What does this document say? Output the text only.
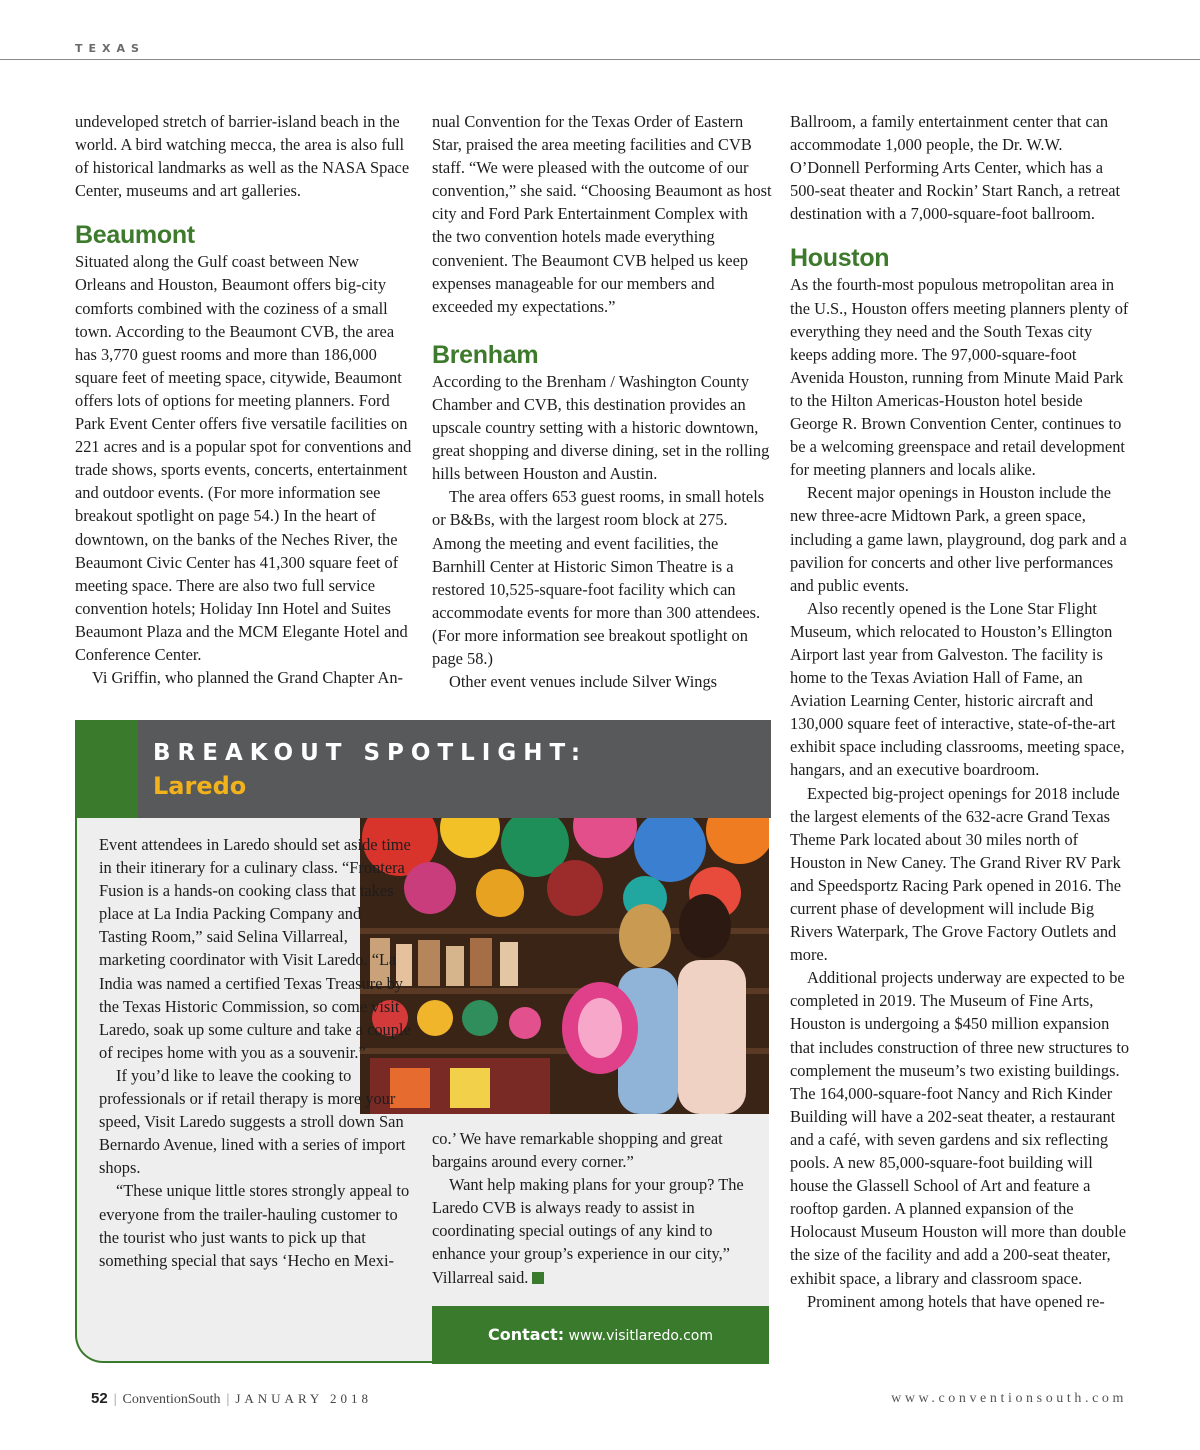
TEXAS

undeveloped stretch of barrier-island beach in the world. A bird watching mecca, the area is also full of historical landmarks as well as the NASA Space Center, museums and art galleries.

Beaumont

Situated along the Gulf coast between New Orleans and Houston, Beaumont offers big-city comforts combined with the coziness of a small town. According to the Beaumont CVB, the area has 3,770 guest rooms and more than 186,000 square feet of meeting space, citywide, Beaumont offers lots of options for meeting planners. Ford Park Event Center offers five versatile facilities on 221 acres and is a popular spot for conventions and trade shows, sports events, concerts, entertainment and outdoor events. (For more information see breakout spotlight on page 54.) In the heart of downtown, on the banks of the Neches River, the Beaumont Civic Center has 41,300 square feet of meeting space. There are also two full service convention hotels; Holiday Inn Hotel and Suites Beaumont Plaza and the MCM Elegante Hotel and Conference Center.

Vi Griffin, who planned the Grand Chapter An-

nual Convention for the Texas Order of Eastern Star, praised the area meeting facilities and CVB staff. “We were pleased with the outcome of our convention,” she said. “Choosing Beaumont as host city and Ford Park Entertainment Complex with the two convention hotels made everything convenient. The Beaumont CVB helped us keep expenses manageable for our members and exceeded my expectations.”

Brenham

According to the Brenham / Washington County Chamber and CVB, this destination provides an upscale country setting with a historic downtown, great shopping and diverse dining, set in the rolling hills between Houston and Austin.

The area offers 653 guest rooms, in small hotels or B&Bs, with the largest room block at 275. Among the meeting and event facilities, the Barnhill Center at Historic Simon Theatre is a restored 10,525-square-foot facility which can accommodate events for more than 300 attendees. (For more information see breakout spotlight on page 58.)

Other event venues include Silver Wings

Ballroom, a family entertainment center that can accommodate 1,000 people, the Dr. W.W. O’Donnell Performing Arts Center, which has a 500-seat theater and Rockin’ Start Ranch, a retreat destination with a 7,000-square-foot ballroom.

Houston

As the fourth-most populous metropolitan area in the U.S., Houston offers meeting planners plenty of everything they need and the South Texas city keeps adding more. The 97,000-square-foot Avenida Houston, running from Minute Maid Park to the Hilton Americas-Houston hotel beside George R. Brown Convention Center, continues to be a welcoming greenspace and retail development for meeting planners and locals alike.

Recent major openings in Houston include the new three-acre Midtown Park, a green space, including a game lawn, playground, dog park and a pavilion for concerts and other live performances and public events.

Also recently opened is the Lone Star Flight Museum, which relocated to Houston’s Ellington Airport last year from Galveston. The facility is home to the Texas Aviation Hall of Fame, an Aviation Learning Center, historic aircraft and 130,000 square feet of interactive, state-of-the-art exhibit space including classrooms, meeting space, hangars, and an executive boardroom.

Expected big-project openings for 2018 include the largest elements of the 632-acre Grand Texas Theme Park located about 30 miles north of Houston in New Caney. The Grand River RV Park and Speedsportz Racing Park opened in 2016. The current phase of development will include Big Rivers Waterpark, The Grove Factory Outlets and more.

Additional projects underway are expected to be completed in 2019. The Museum of Fine Arts, Houston is undergoing a $450 million expansion that includes construction of three new structures to complement the museum’s two existing buildings. The 164,000-square-foot Nancy and Rich Kinder Building will have a 202-seat theater, a restaurant and a café, with seven gardens and six reflecting pools. A new 85,000-square-foot building will house the Glassell School of Art and feature a rooftop garden. A planned expansion of the Holocaust Museum Houston will more than double the size of the facility and add a 200-seat theater, exhibit space, a library and classroom space.

Prominent among hotels that have opened re-

BREAKOUT SPOTLIGHT:
Laredo

Event attendees in Laredo should set aside time in their itinerary for a culinary class. “Frontera Fusion is a hands-on cooking class that takes place at La India Packing Company and Tasting Room,” said Selina Villarreal, marketing coordinator with Visit Laredo. “La India was named a certified Texas Treasure by the Texas Historic Commission, so come visit Laredo, soak up some culture and take a couple of recipes home with you as a souvenir.”

If you’d like to leave the cooking to professionals or if retail therapy is more your speed, Visit Laredo suggests a stroll down San Bernardo Avenue, lined with a series of import shops.

“These unique little stores strongly appeal to everyone from the trailer-hauling customer to the tourist who just wants to pick up that something special that says ‘Hecho en Mexi-

co.’ We have remarkable shopping and great bargains around every corner.”

Want help making plans for your group? The Laredo CVB is always ready to assist in coordinating special outings of any kind to enhance your group’s experience in our city,” Villarreal said.

Contact: www.visitlaredo.com
52 | ConventionSouth | JANUARY 2018	www.conventionsouth.com
